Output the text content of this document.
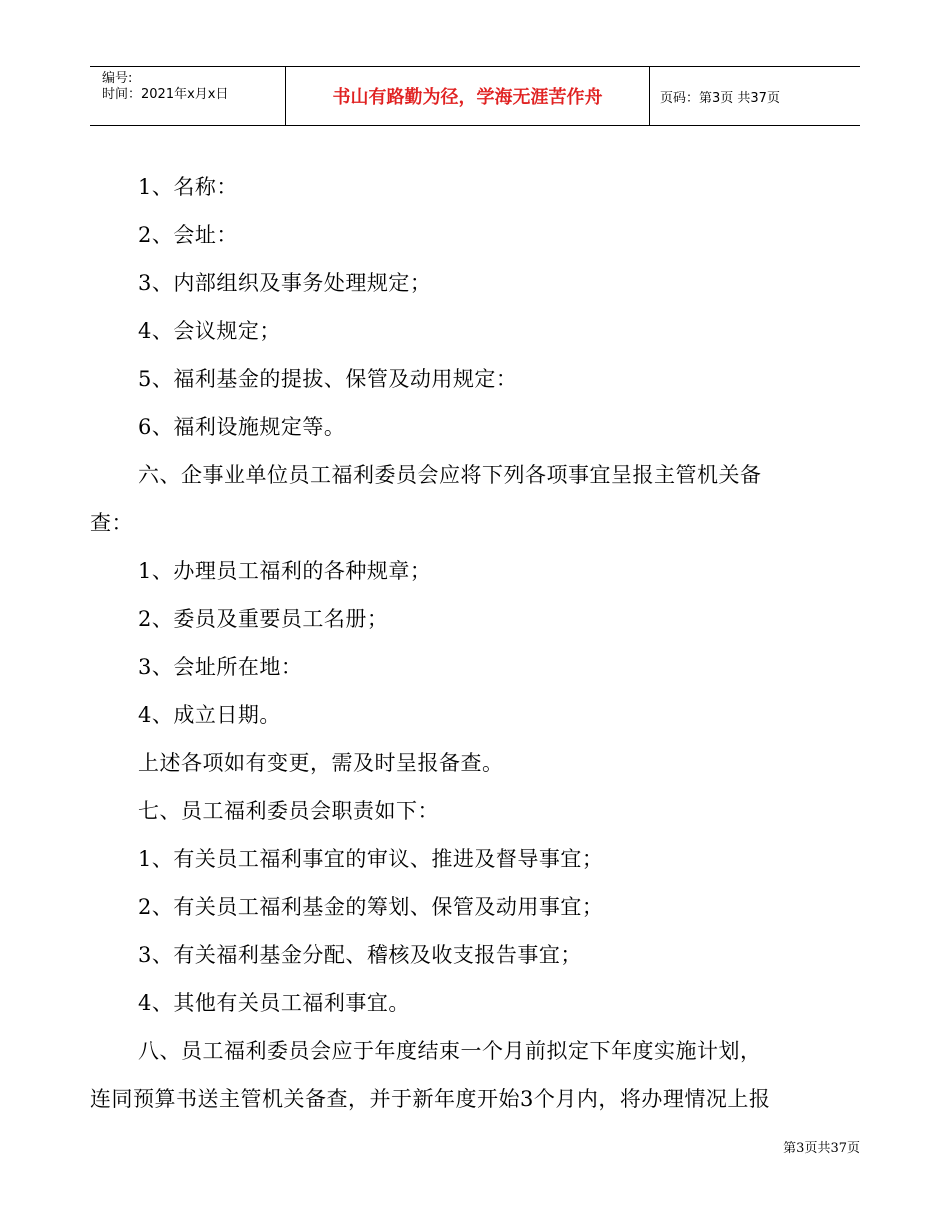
编号:
时间：2021年x月x日	书山有路勤为径，学海无涯苦作舟	页码：第3页 共37页
1、名称：
2、会址：
3、内部组织及事务处理规定；
4、会议规定；
5、福利基金的提拔、保管及动用规定：
6、福利设施规定等。
六、企事业单位员工福利委员会应将下列各项事宜呈报主管机关备
查：
1、办理员工福利的各种规章；
2、委员及重要员工名册；
3、会址所在地：
4、成立日期。
上述各项如有变更，需及时呈报备查。
七、员工福利委员会职责如下：
1、有关员工福利事宜的审议、推进及督导事宜；
2、有关员工福利基金的筹划、保管及动用事宜；
3、有关福利基金分配、稽核及收支报告事宜；
4、其他有关员工福利事宜。
八、员工福利委员会应于年度结束一个月前拟定下年度实施计划，
连同预算书送主管机关备查，并于新年度开始3个月内，将办理情况上报
第3页共37页
